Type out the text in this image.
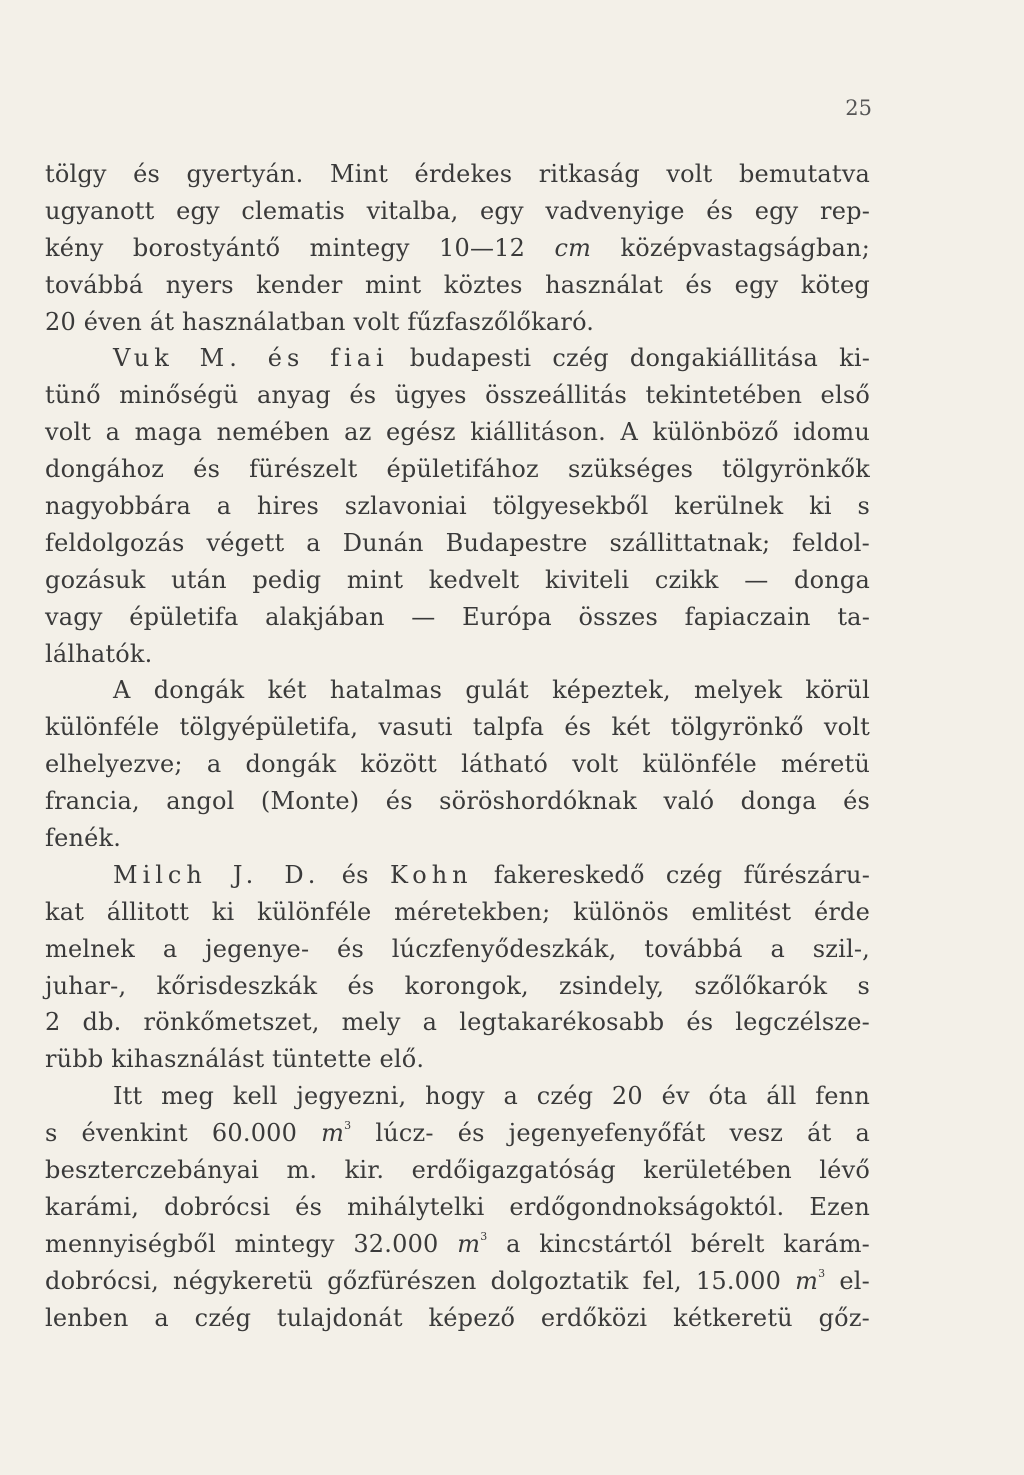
25
tölgy és gyertyán. Mint érdekes ritkaság volt bemutatva
ugyanott egy clematis vitalba, egy vadvenyige és egy rep-
kény borostyántő mintegy 10—12 cm középvastagságban;
továbbá nyers kender mint köztes használat és egy köteg
20 éven át használatban volt fűzfaszőlőkaró.
Vuk M. és fiai budapesti czég dongakiállitása ki-
tünő minőségü anyag és ügyes összeállitás tekintetében első
volt a maga nemében az egész kiállitáson. A különböző idomu
dongához és fürészelt épületifához szükséges tölgyrönkők
nagyobbára a hires szlavoniai tölgyesekből kerülnek ki s
feldolgozás végett a Dunán Budapestre szállittatnak; feldol-
gozásuk után pedig mint kedvelt kiviteli czikk — donga
vagy épületifa alakjában — Európa összes fapiaczain ta-
lálhatók.
A dongák két hatalmas gulát képeztek, melyek körül
különféle tölgyépületifa, vasuti talpfa és két tölgyrönkő volt
elhelyezve; a dongák között látható volt különféle méretü
francia, angol (Monte) és söröshordóknak való donga és
fenék.
Milch J. D. és Kohn fakereskedő czég fűrészáru-
kat állitott ki különféle méretekben; különös emlitést érde
melnek a jegenye- és lúczfenyődeszkák, továbbá a szil-,
juhar-, kőrisdeszkák és korongok, zsindely, szőlőkarók s
2 db. rönkőmetszet, mely a legtakarékosabb és legczélsze-
rübb kihasználást tüntette elő.
Itt meg kell jegyezni, hogy a czég 20 év óta áll fenn
s évenkint 60.000 $m^3$ lúcz- és jegenyefenyőfát vesz át a
beszterczebányai m. kir. erdőigazgatóság kerületében lévő
karámi, dobrócsi és mihálytelki erdőgondnokságoktól. Ezen
mennyiségből mintegy 32.000 $m^3$ a kincstártól bérelt karám-
dobrócsi, négykeretü gőzfürészen dolgoztatik fel, 15.000 $m^3$ el-
lenben a czég tulajdonát képező erdőközi kétkeretü gőz-
